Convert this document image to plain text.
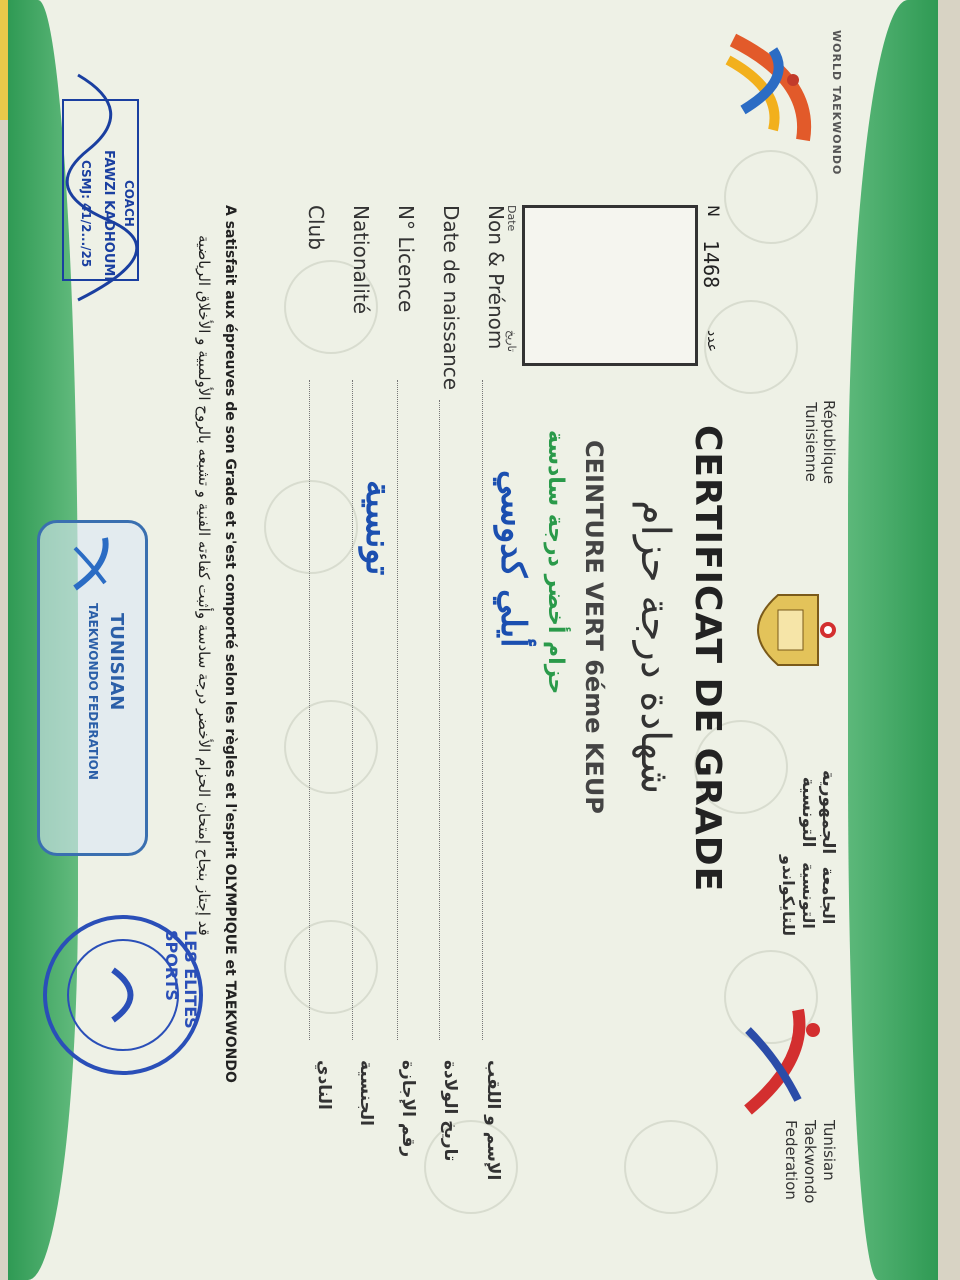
WORLD TAEKWONDO
République
Tunisienne
الجمهورية
التونسية
الجامعة
التونسية
للتايكواندو
Tunisian
Taekwondo
Federation
CERTIFICAT DE GRADE
شهادة درجة حزام
N
1468
عدد
Date
تاريخ
CEINTURE VERT 6éme KEUP
حزام أخضر درجة سادسة
Non & Prénom
أيلي كدوسي
الإسم و اللقب
Date de naissance
تاريخ الولادة
N° Licence
رقم الإجازة
Nationalité
تونسية
الجنسية
Club
النادي
A satisfait aux épreuves de son Grade et s'est comporté selon les règles et l'esprit OLYMPIQUE et TAEKWONDO
قد إجتاز بنجاح إمتحان الحزام الأخضر درجة سادسة وأثبت كفاءته الفنية و تشبعه بالروح الأولمبية و الأخلاق الرياضية
COACH
FAWZI KADHOUMI
CSMJ: 41/2.../25
TUNISIAN
TAEKWONDO FEDERATION
LES ELITES SPORTS
